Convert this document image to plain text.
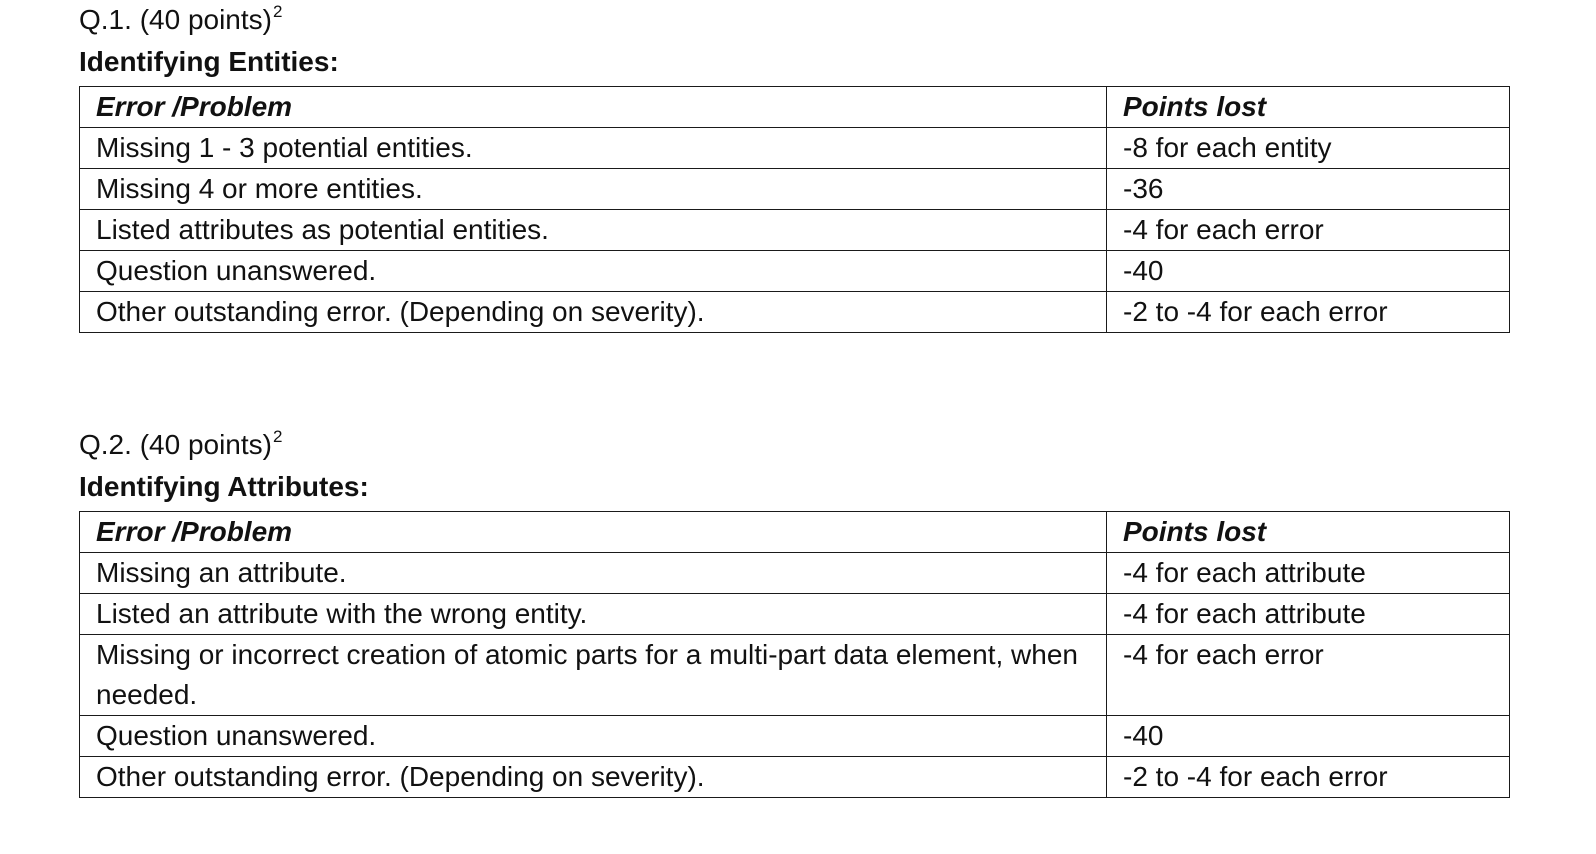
Q.1. (40 points)$^2$
Identifying Entities:
Error /Problem	Points lost
Missing 1 - 3 potential entities.	-8 for each entity
Missing 4 or more entities.	-36
Listed attributes as potential entities.	-4 for each error
Question unanswered.	-40
Other outstanding error. (Depending on severity).	-2 to -4 for each error
Q.2. (40 points)$^2$
Identifying Attributes:
Error /Problem	Points lost
Missing an attribute.	-4 for each attribute
Listed an attribute with the wrong entity.	-4 for each attribute
Missing or incorrect creation of atomic parts for a multi-part data element, when needed.	-4 for each error
Question unanswered.	-40
Other outstanding error. (Depending on severity).	-2 to -4 for each error
